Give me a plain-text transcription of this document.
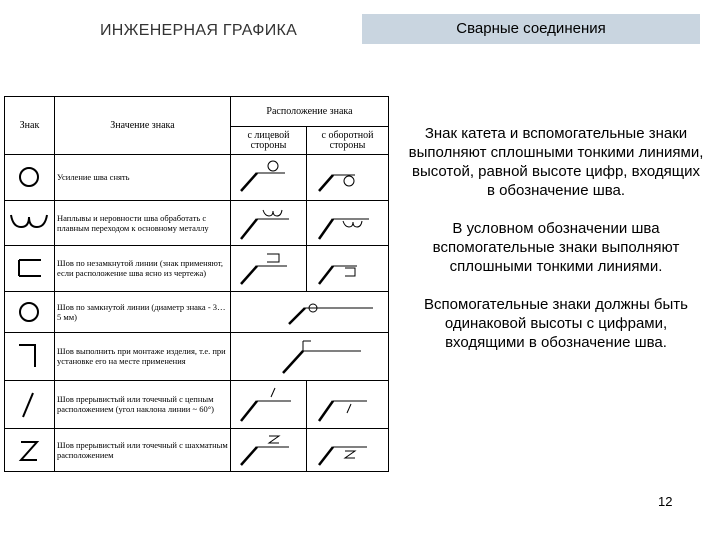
ИНЖЕНЕРНАЯ ГРАФИКА	Сварные соединения
Знак	Значение знака	Расположение знака	
		с лицевой стороны	с оборотной стороны

	Усиление шва снять	

	Наплывы и неровности шва обработать с плавным переходом к основному металлу	

	Шов по незамкнутой линии (знак применяют, если расположение шва ясно из чертежа)	

	Шов по замкнутой линии (диаметр знака - 3…5 мм)	

	Шов выполнить при монтаже изделия, т.е. при установке его на месте применения	

	Шов прерывистый или точечный с цепным расположением (угол наклона линии ~ 60°)	

	Шов прерывистый или точечный с шахматным расположением	

Знак катета и вспомогательные знаки выполняют сплошными тонкими линиями, высотой, равной высоте цифр, входящих в обозначение шва.

В условном обозначении шва вспомогательные знаки выполняют сплошными тонкими линиями.

Вспомогательные знаки должны быть одинаковой высоты с цифрами, входящими в обозначение шва.

12
